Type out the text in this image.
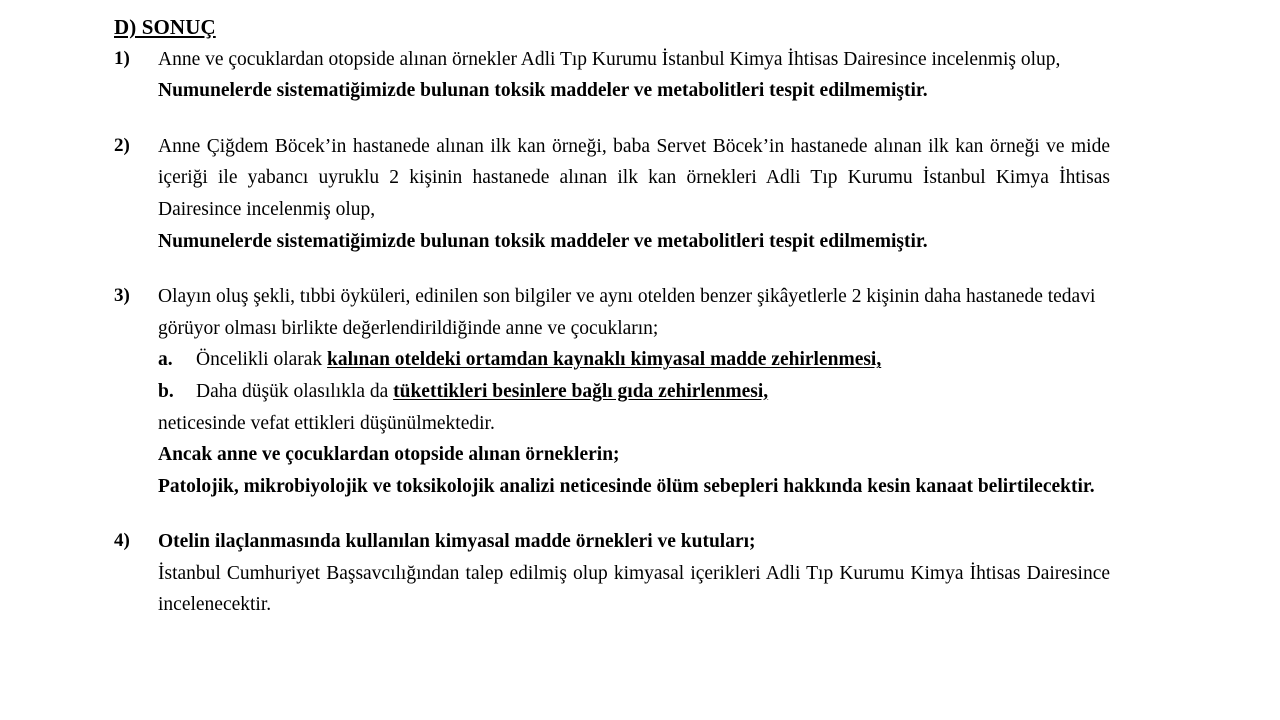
D) SONUÇ
1)	Anne ve çocuklardan otopside alınan örnekler Adli Tıp Kurumu İstanbul Kimya İhtisas Dairesince incelenmiş olup,

Numunelerde sistematiğimizde bulunan toksik maddeler ve metabolitleri tespit edilmemiştir.

2)	Anne Çiğdem Böcek’in hastanede alınan ilk kan örneği, baba Servet Böcek’in hastanede alınan ilk kan örneği ve mide içeriği ile yabancı uyruklu 2 kişinin hastanede alınan ilk kan örnekleri Adli Tıp Kurumu İstanbul Kimya İhtisas Dairesince incelenmiş olup,

Numunelerde sistematiğimizde bulunan toksik maddeler ve metabolitleri tespit edilmemiştir.

3)	Olayın oluş şekli, tıbbi öyküleri, edinilen son bilgiler ve aynı otelden benzer şikâyetlerle 2 kişinin daha hastanede tedavi görüyor olması birlikte değerlendirildiğinde anne ve çocukların;

a. Öncelikli olarak kalınan oteldeki ortamdan kaynaklı kimyasal madde zehirlenmesi,
b. Daha düşük olasılıkla da tükettikleri besinlere bağlı gıda zehirlenmesi,

neticesinde vefat ettikleri düşünülmektedir.

Ancak anne ve çocuklardan otopside alınan örneklerin;

Patolojik, mikrobiyolojik ve toksikolojik analizi neticesinde ölüm sebepleri hakkında kesin kanaat belirtilecektir.

4)	Otelin ilaçlanmasında kullanılan kimyasal madde örnekleri ve kutuları;

İstanbul Cumhuriyet Başsavcılığından talep edilmiş olup kimyasal içerikleri Adli Tıp Kurumu Kimya İhtisas Dairesince incelenecektir.
